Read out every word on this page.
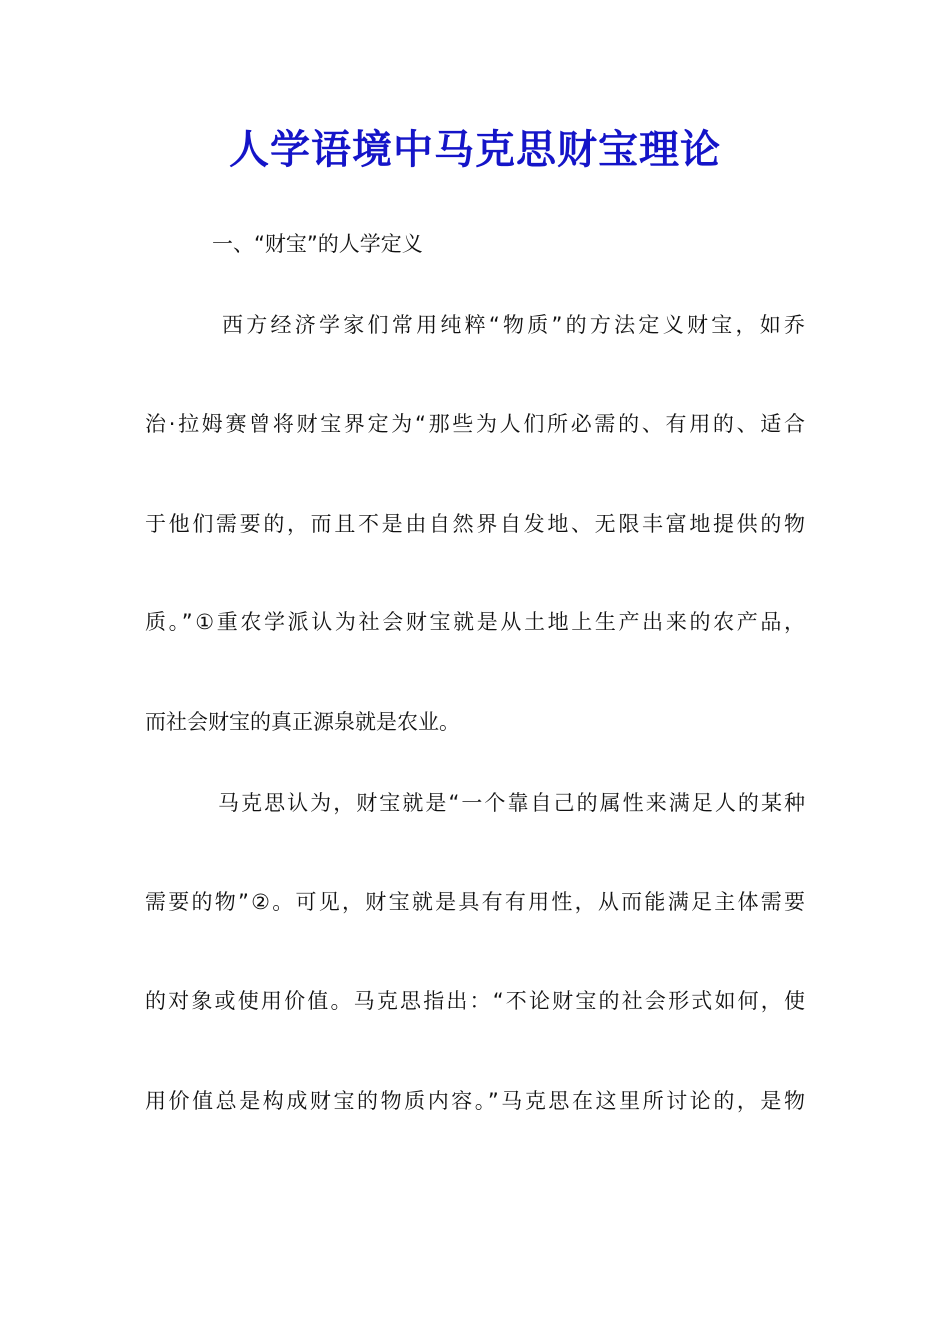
人学语境中马克思财宝理论
一、“财宝”的人学定义
西方经济学家们常用纯粹“物质”的方法定义财宝，如乔
治·拉姆赛曾将财宝界定为“那些为人们所必需的、有用的、适合
于他们需要的，而且不是由自然界自发地、无限丰富地提供的物
质。”①重农学派认为社会财宝就是从土地上生产出来的农产品，
而社会财宝的真正源泉就是农业。
马克思认为，财宝就是“一个靠自己的属性来满足人的某种
需要的物”②。可见，财宝就是具有有用性，从而能满足主体需要
的对象或使用价值。马克思指出：“不论财宝的社会形式如何，使
用价值总是构成财宝的物质内容。”马克思在这里所讨论的，是物
